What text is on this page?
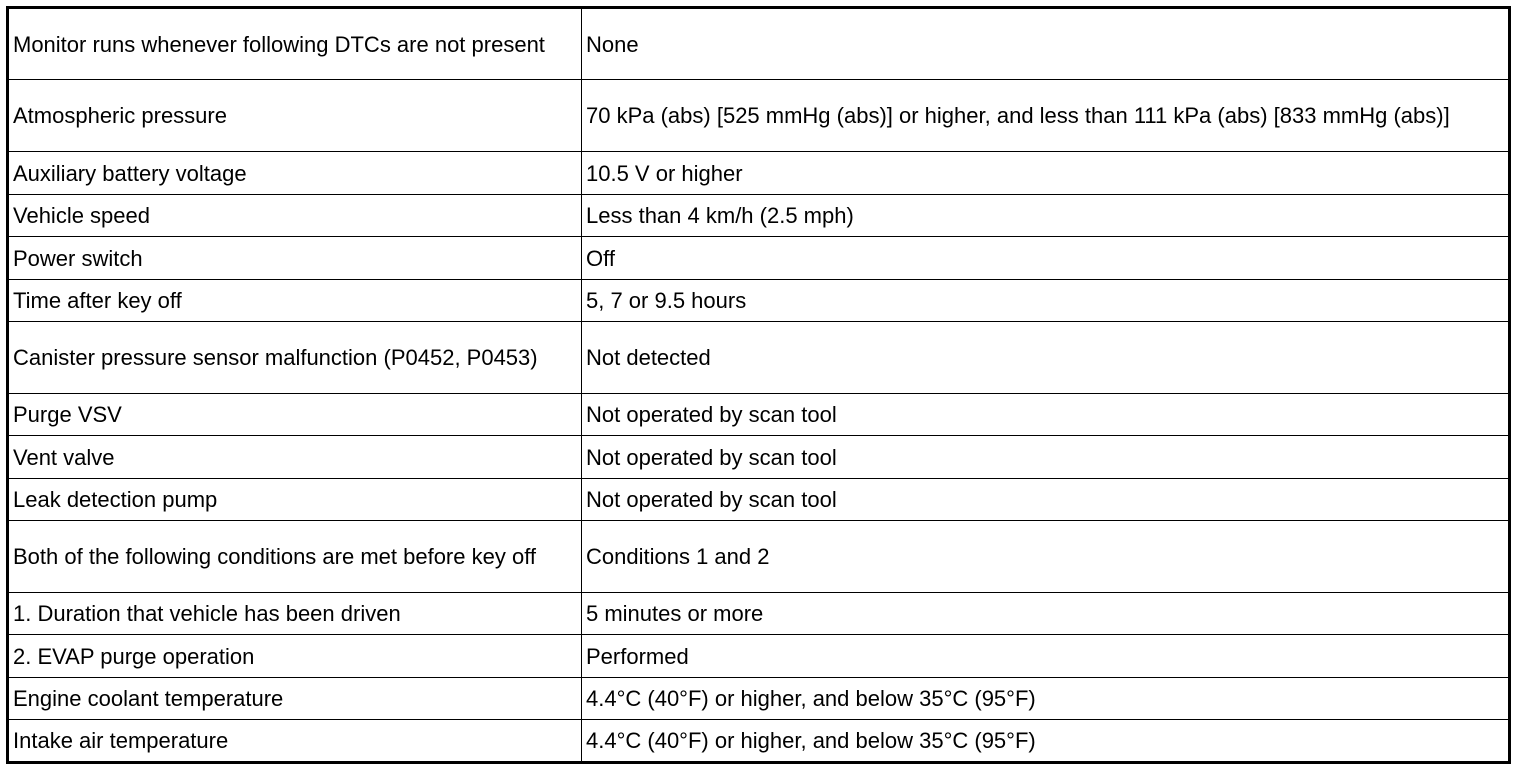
Monitor runs whenever following DTCs are not present	None
Atmospheric pressure	70 kPa (abs) [525 mmHg (abs)] or higher, and less than 111 kPa (abs) [833 mmHg (abs)]
Auxiliary battery voltage	10.5 V or higher
Vehicle speed	Less than 4 km/h (2.5 mph)
Power switch	Off
Time after key off	5, 7 or 9.5 hours
Canister pressure sensor malfunction (P0452, P0453)	Not detected
Purge VSV	Not operated by scan tool
Vent valve	Not operated by scan tool
Leak detection pump	Not operated by scan tool
Both of the following conditions are met before key off	Conditions 1 and 2
1. Duration that vehicle has been driven	5 minutes or more
2. EVAP purge operation	Performed
Engine coolant temperature	4.4°C (40°F) or higher, and below 35°C (95°F)
Intake air temperature	4.4°C (40°F) or higher, and below 35°C (95°F)
